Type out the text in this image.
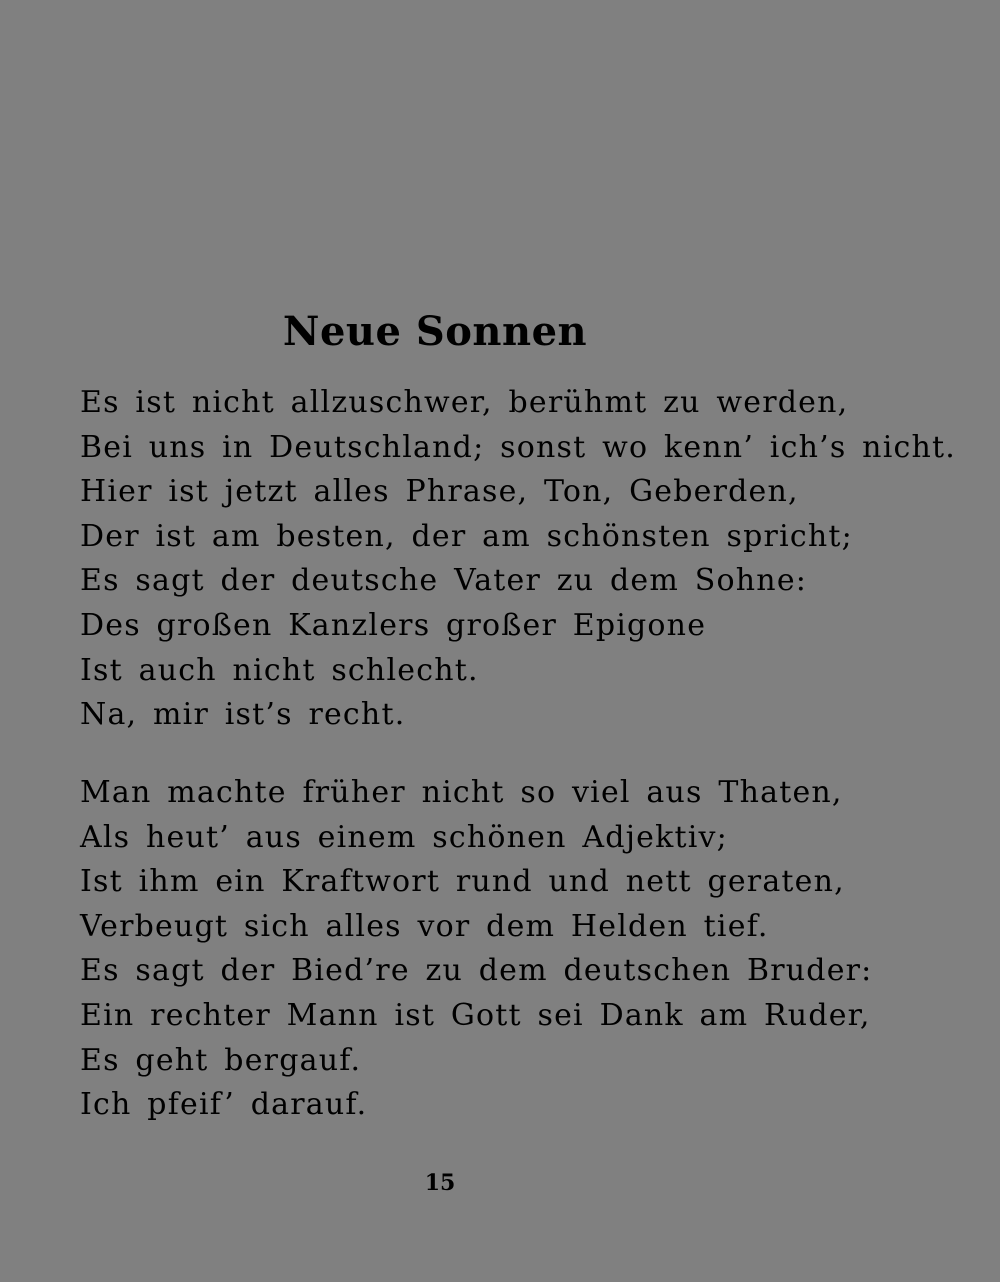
Neue Sonnen
Es ist nicht allzuschwer, berühmt zu werden,
Bei uns in Deutschland; sonst wo kenn’ ich’s nicht.
Hier ist jetzt alles Phrase, Ton, Geberden,
Der ist am besten, der am schönsten spricht;
Es sagt der deutsche Vater zu dem Sohne:
Des großen Kanzlers großer Epigone
Ist auch nicht schlecht.
Na, mir ist’s recht.
Man machte früher nicht so viel aus Thaten,
Als heut’ aus einem schönen Adjektiv;
Ist ihm ein Kraftwort rund und nett geraten,
Verbeugt sich alles vor dem Helden tief.
Es sagt der Bied’re zu dem deutschen Bruder:
Ein rechter Mann ist Gott sei Dank am Ruder,
Es geht bergauf.
Ich pfeif’ darauf.
15
